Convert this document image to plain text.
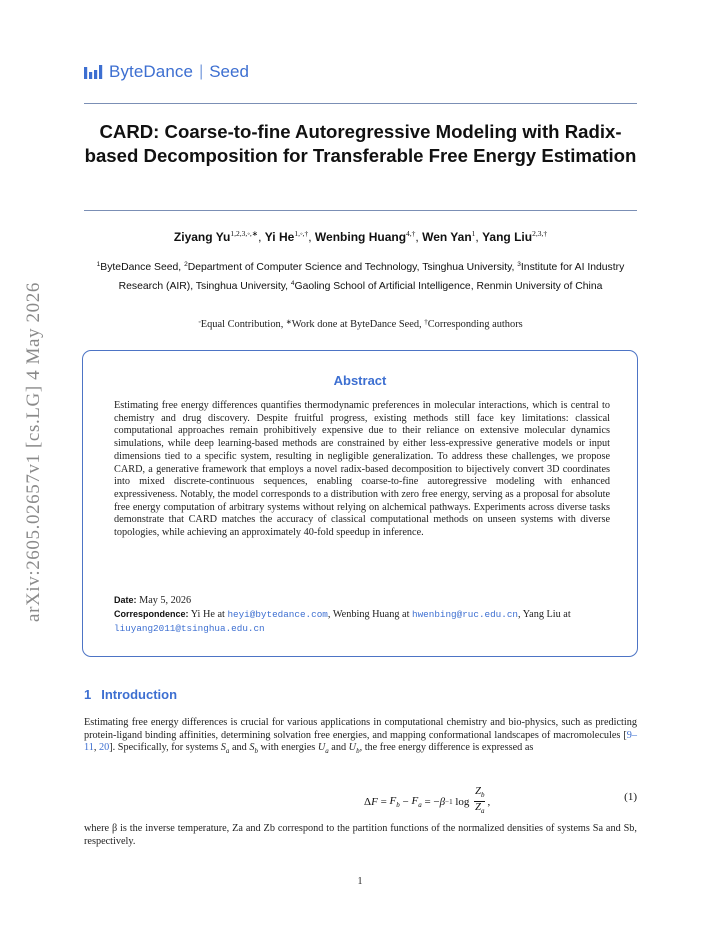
arXiv:2605.02657v1 [cs.LG] 4 May 2026
ByteDance | Seed
CARD: Coarse-to-fine Autoregressive Modeling with Radix-based Decomposition for Transferable Free Energy Estimation
Ziyang $Yu^{1,2,3,◦,∗}$, Yi $He^{1,◦,\dagger}$, Wenbing Huang$^{4,\dagger}$, Wen Yan$^1$, Yang Liu$^{2,3,\dagger}$
$^1$ByteDance Seed, $^2$Department of Computer Science and Technology, Tsinghua University, $^3$Institute for AI Industry Research (AIR), Tsinghua University, $^4$Gaoling School of Artificial Intelligence, Renmin University of China
◦Equal Contribution, ∗Work done at ByteDance Seed, †Corresponding authors
Abstract

Estimating free energy differences quantifies thermodynamic preferences in molecular interactions, which is central to chemistry and drug discovery. Despite fruitful progress, existing methods still face key limitations: classical computational approaches remain prohibitively expensive due to their reliance on extensive molecular dynamics simulations, while deep learning-based methods are constrained by either less-expressive generative models or input dimensions tied to a specific system, resulting in negligible generalization. To address these challenges, we propose CARD, a generative framework that employs a novel radix-based decomposition to bijectively convert 3D coordinates into mixed discrete-continuous sequences, enabling coarse-to-fine autoregressive modeling with enhanced expressiveness. Notably, the model corresponds to a distribution with zero free energy, serving as a proposal for absolute free energy computation of arbitrary systems without relying on alchemical pathways. Experiments across diverse tasks demonstrate that CARD matches the accuracy of classical computational methods on unseen systems with diverse topologies, while achieving an approximately 40-fold speedup in inference.

Date: May 5, 2026
Correspondence: Yi He at heyi@bytedance.com, Wenbing Huang at hwenbing@ruc.edu.cn, Yang Liu at liuyang2011@tsinghua.edu.cn
1 Introduction

Estimating free energy differences is crucial for various applications in computational chemistry and bio-physics, such as predicting protein-ligand binding affinities, determining solvation free energies, and mapping conformational landscapes of macromolecules [9–11, 20]. Specifically, for systems $S_a$ and $S_b$ with energies $U_a$ and $U_b$, the free energy difference is expressed as

Δ $F = F_b - F_a$ = − β −1 $\log \frac{Z_b}{Z_a}$ ,	(1)

where β is the inverse temperature, Za and Zb correspond to the partition functions of the normalized densities of systems Sa and Sb, respectively.

1
